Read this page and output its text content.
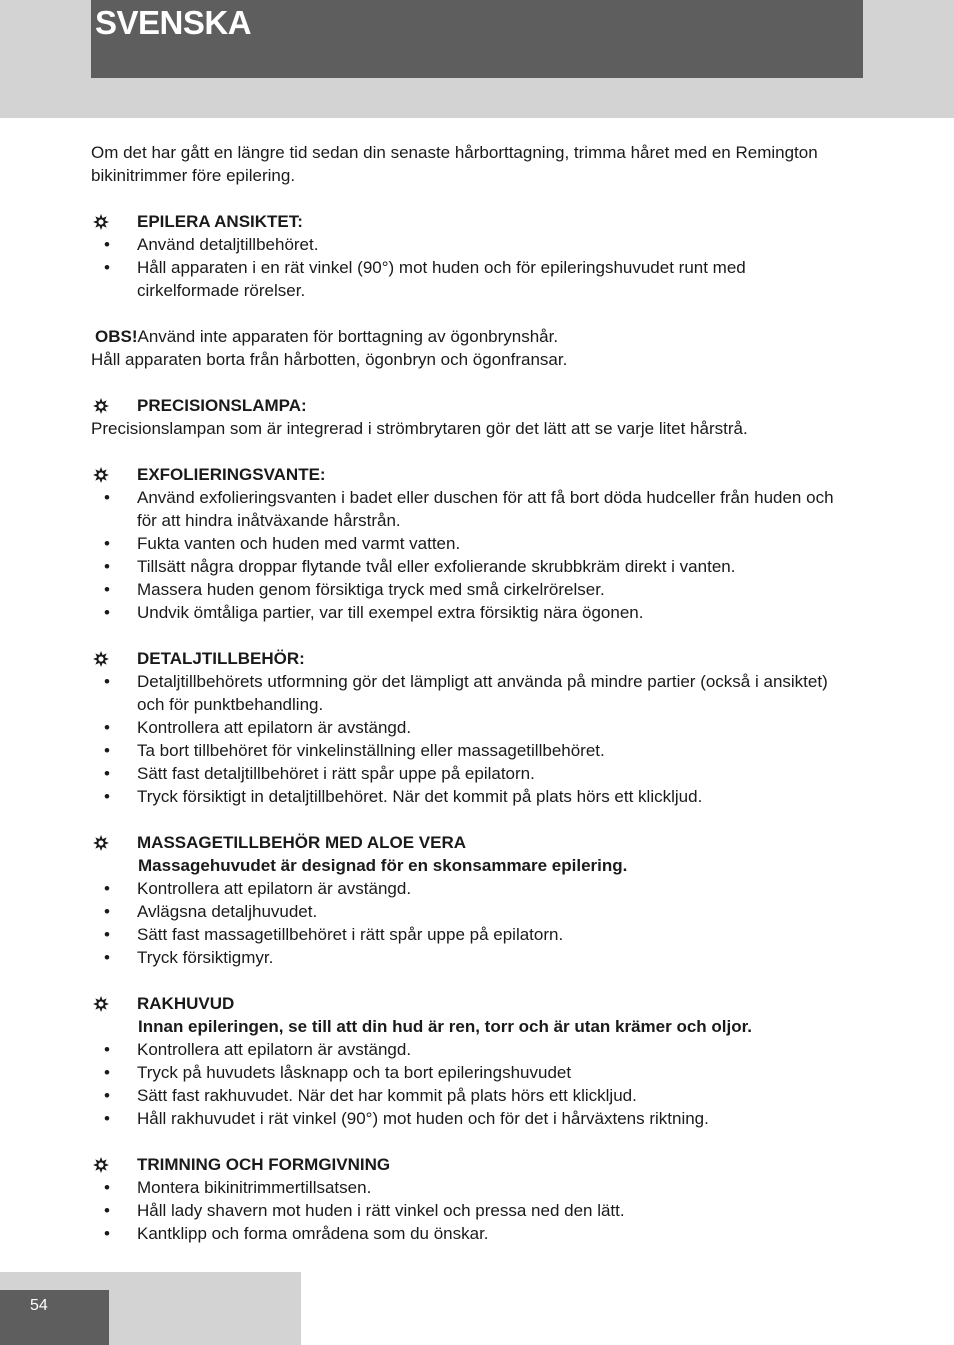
SVENSKA

Om det har gått en längre tid sedan din senaste hårborttagning, trimma håret med en Remington bikinitrimmer före epilering.

EPILERA ANSIKTET:
• Använd detaljtillbehöret.
• Håll apparaten i en rät vinkel (90°) mot huden och för epileringshuvudet runt med cirkelformade rörelser.
OBS!Använd inte apparaten för borttagning av ögonbrynshår.
Håll apparaten borta från hårbotten, ögonbryn och ögonfransar.
PRECISIONSLAMPA:
Precisionslampan som är integrerad i strömbrytaren gör det lätt att se varje litet hårstrå.
EXFOLIERINGSVANTE:
• Använd exfolieringsvanten i badet eller duschen för att få bort döda hudceller från huden och för att hindra inåtväxande hårstrån.
• Fukta vanten och huden med varmt vatten.
• Tillsätt några droppar flytande tvål eller exfolierande skrubbkräm direkt i vanten.
• Massera huden genom försiktiga tryck med små cirkelrörelser.
• Undvik ömtåliga partier, var till exempel extra försiktig nära ögonen.
DETALJTILLBEHÖR:
• Detaljtillbehörets utformning gör det lämpligt att använda på mindre partier (också i ansiktet) och för punktbehandling.
• Kontrollera att epilatorn är avstängd.
• Ta bort tillbehöret för vinkelinställning eller massagetillbehöret.
• Sätt fast detaljtillbehöret i rätt spår uppe på epilatorn.
• Tryck försiktigt in detaljtillbehöret. När det kommit på plats hörs ett klickljud.
MASSAGETILLBEHÖR MED ALOE VERA
Massagehuvudet är designad för en skonsammare epilering.
• Kontrollera att epilatorn är avstängd.
• Avlägsna detaljhuvudet.
• Sätt fast massagetillbehöret i rätt spår uppe på epilatorn.
• Tryck försiktigmyr.
RAKHUVUD
Innan epileringen, se till att din hud är ren, torr och är utan krämer och oljor.
• Kontrollera att epilatorn är avstängd.
• Tryck på huvudets låsknapp och ta bort epileringshuvudet
• Sätt fast rakhuvudet. När det har kommit på plats hörs ett klickljud.
• Håll rakhuvudet i rät vinkel (90°) mot huden och för det i hårväxtens riktning.
TRIMNING OCH FORMGIVNING
• Montera bikinitrimmertillsatsen.
• Håll lady shavern mot huden i rätt vinkel och pressa ned den lätt.
• Kantklipp och forma områdena som du önskar.
54
